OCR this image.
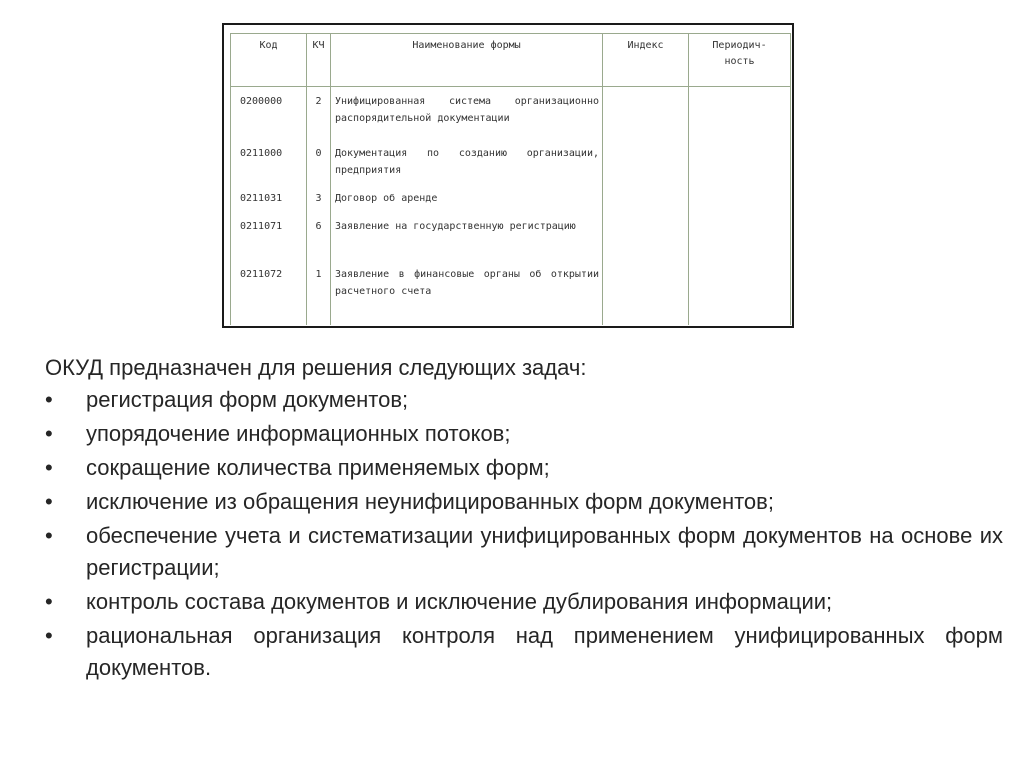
Код	КЧ	Наименование формы	Индекс	Периодич-
ность
0200000	2	Унифицированная система организационно распорядительной документации		
0211000	0	Документация по созданию организации, предприятия		
0211031	3	Договор об аренде		
0211071	6	Заявление на государственную регистрацию		
0211072	1	Заявление в финансовые органы об открытии расчетного счета		

ОКУД предназначен для решения следующих задач:

• регистрация форм документов;
• упорядочение информационных потоков;
• сокращение количества применяемых форм;
• исключение из обращения неунифицированных форм документов;
• обеспечение учета и систематизации унифицированных форм документов на основе их регистрации;
• контроль состава документов и исключение дублирования информации;
• рациональная организация контроля над применением унифицированных форм документов.
